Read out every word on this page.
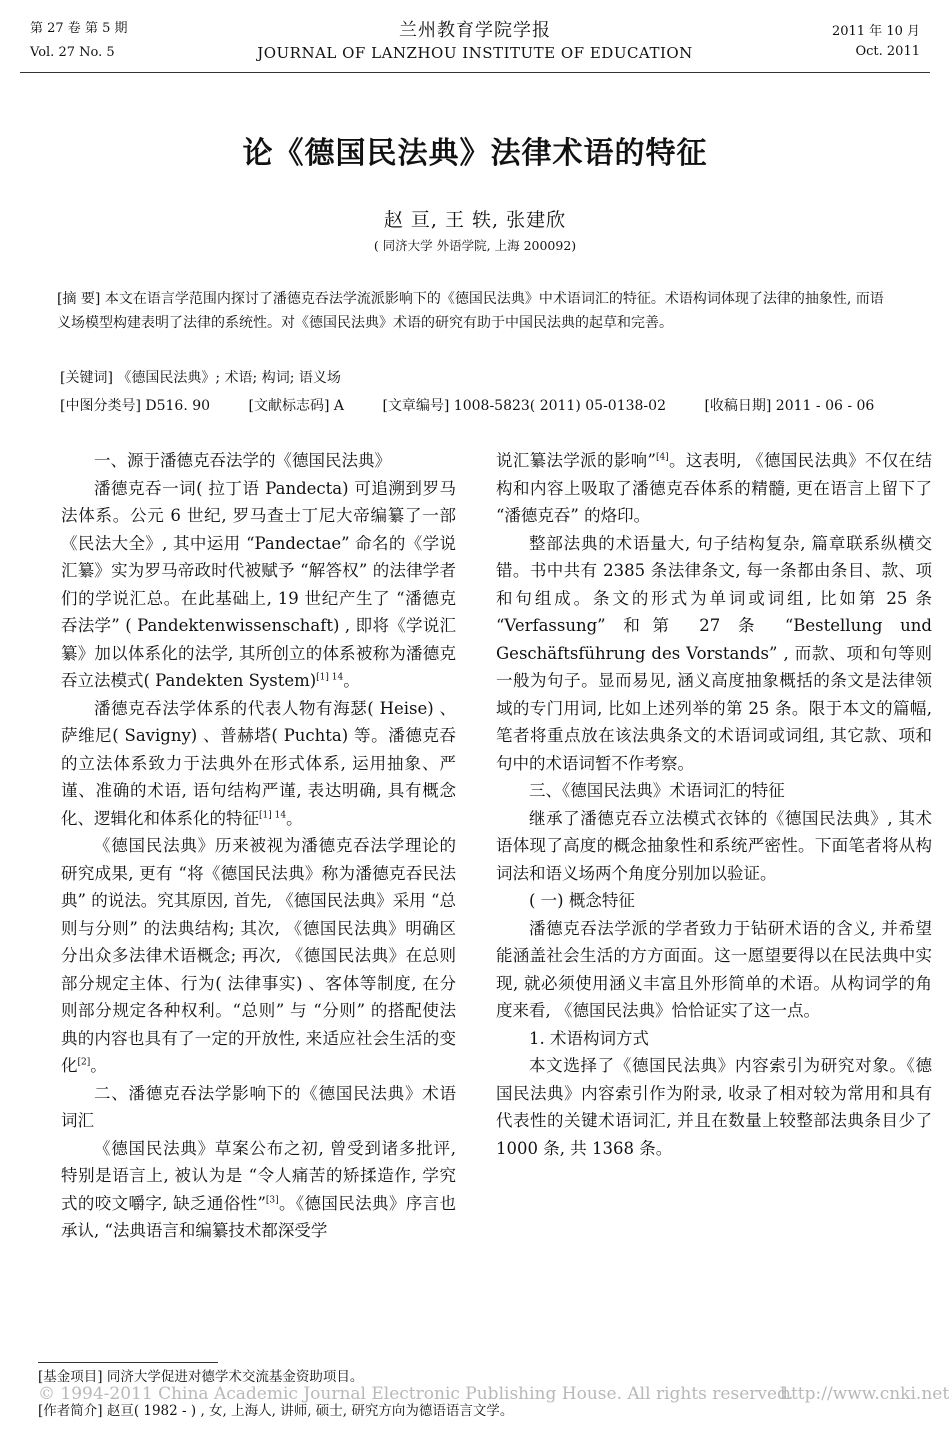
第 27 卷 第 5 期
Vol. 27 No. 5
兰州教育学院学报
JOURNAL OF LANZHOU INSTITUTE OF EDUCATION
2011 年 10 月
Oct. 2011
论《德国民法典》法律术语的特征
赵 亘, 王 轶, 张建欣
( 同济大学 外语学院, 上海 200092)
[摘 要] 本文在语言学范围内探讨了潘德克吞法学流派影响下的《德国民法典》中术语词汇的特征。术语构词体现了法律的抽象性, 而语义场模型构建表明了法律的系统性。对《德国民法典》术语的研究有助于中国民法典的起草和完善。
[关键词] 《德国民法典》; 术语; 构词; 语义场
[中图分类号] D516. 90	[文献标志码] A	[文章编号] 1008-5823( 2011) 05-0138-02	[收稿日期] 2011 - 06 - 06

一、源于潘德克吞法学的《德国民法典》

潘德克吞一词( 拉丁语 Pandecta) 可追溯到罗马法体系。公元 6 世纪, 罗马查士丁尼大帝编纂了一部《民法大全》, 其中运用 “Pandectae” 命名的《学说汇纂》实为罗马帝政时代被赋予 “解答权” 的法律学者们的学说汇总。在此基础上, 19 世纪产生了 “潘德克吞法学” ( Pandektenwissenschaft) , 即将《学说汇纂》加以体系化的法学, 其所创立的体系被称为潘德克吞立法模式( Pandekten System)$^{[1] 14}$。

潘德克吞法学体系的代表人物有海瑟( Heise) 、萨维尼( Savigny) 、普赫塔( Puchta) 等。潘德克吞的立法体系致力于法典外在形式体系, 运用抽象、严谨、准确的术语, 语句结构严谨, 表达明确, 具有概念化、逻辑化和体系化的特征$^{[1] 14}$。

《德国民法典》历来被视为潘德克吞法学理论的研究成果, 更有 “将《德国民法典》称为潘德克吞民法典” 的说法。究其原因, 首先, 《德国民法典》采用 “总则与分则” 的法典结构; 其次, 《德国民法典》明确区分出众多法律术语概念; 再次, 《德国民法典》在总则部分规定主体、行为( 法律事实) 、客体等制度, 在分则部分规定各种权利。“总则” 与 “分则” 的搭配使法典的内容也具有了一定的开放性, 来适应社会生活的变化[2]。

二、潘德克吞法学影响下的《德国民法典》术语词汇

《德国民法典》草案公布之初, 曾受到诸多批评, 特别是语言上, 被认为是 “令人痛苦的矫揉造作, 学究式的咬文嚼字, 缺乏通俗性”[3]。《德国民法典》序言也承认, “法典语言和编纂技术都深受学

说汇纂法学派的影响”[4]。这表明, 《德国民法典》不仅在结构和内容上吸取了潘德克吞体系的精髓, 更在语言上留下了 “潘德克吞” 的烙印。

整部法典的术语量大, 句子结构复杂, 篇章联系纵横交错。书中共有 2385 条法律条文, 每一条都由条目、款、项和句组成。条文的形式为单词或词组, 比如第 25 条 “Verfassung” 和第 27 条 “Bestellung und Geschäftsführung des Vorstands” , 而款、项和句等则一般为句子。显而易见, 涵义高度抽象概括的条文是法律领域的专门用词, 比如上述列举的第 25 条。限于本文的篇幅, 笔者将重点放在该法典条文的术语词或词组, 其它款、项和句中的术语词暂不作考察。

三、《德国民法典》术语词汇的特征

继承了潘德克吞立法模式衣钵的《德国民法典》, 其术语体现了高度的概念抽象性和系统严密性。下面笔者将从构词法和语义场两个角度分别加以验证。

( 一) 概念特征

潘德克吞法学派的学者致力于钻研术语的含义, 并希望能涵盖社会生活的方方面面。这一愿望要得以在民法典中实现, 就必须使用涵义丰富且外形简单的术语。从构词学的角度来看, 《德国民法典》恰恰证实了这一点。

1. 术语构词方式

本文选择了《德国民法典》内容索引为研究对象。《德国民法典》内容索引作为附录, 收录了相对较为常用和具有代表性的关键术语词汇, 并且在数量上较整部法典条目少了 1000 条, 共 1368 条。

[基金项目] 同济大学促进对德学术交流基金资助项目。
© 1994-2011 China Academic Journal Electronic Publishing House. All rights reserved.
http://www.cnki.net
[作者简介] 赵亘( 1982 - ) , 女, 上海人, 讲师, 硕士, 研究方向为德语语言文学。
